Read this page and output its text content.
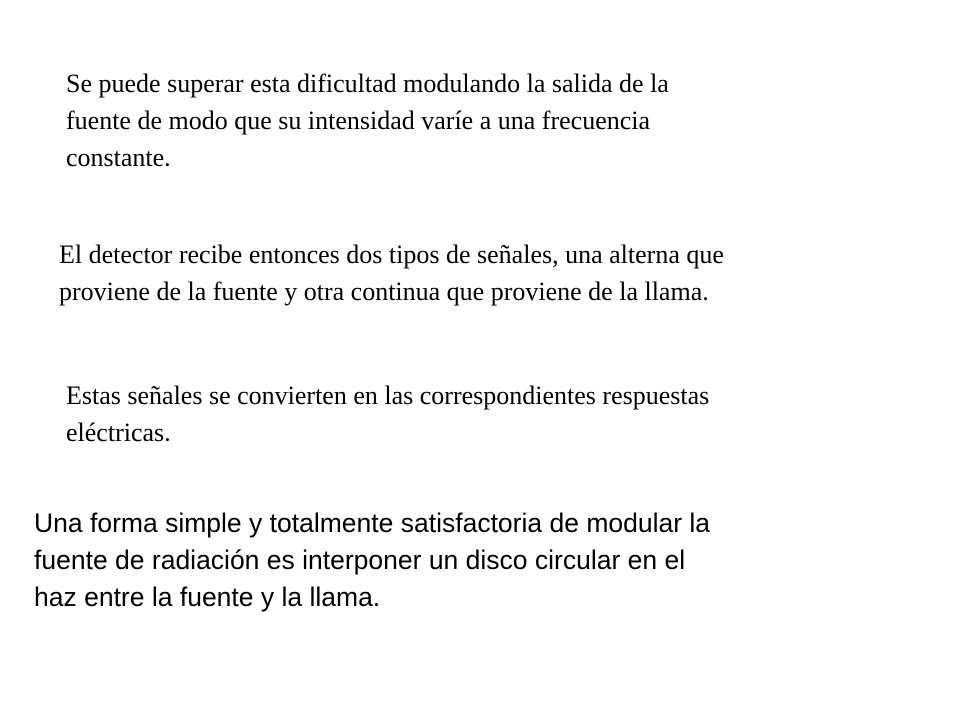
Se puede superar esta dificultad modulando la salida de la
fuente de modo que su intensidad varíe a una frecuencia
constante.

El detector recibe entonces dos tipos de señales, una alterna que
proviene de la fuente y otra continua que proviene de la llama.

Estas señales se convierten en las correspondientes respuestas
eléctricas.

Una forma simple y totalmente satisfactoria de modular la
fuente de radiación es interponer un disco circular en el
haz entre la fuente y la llama.
